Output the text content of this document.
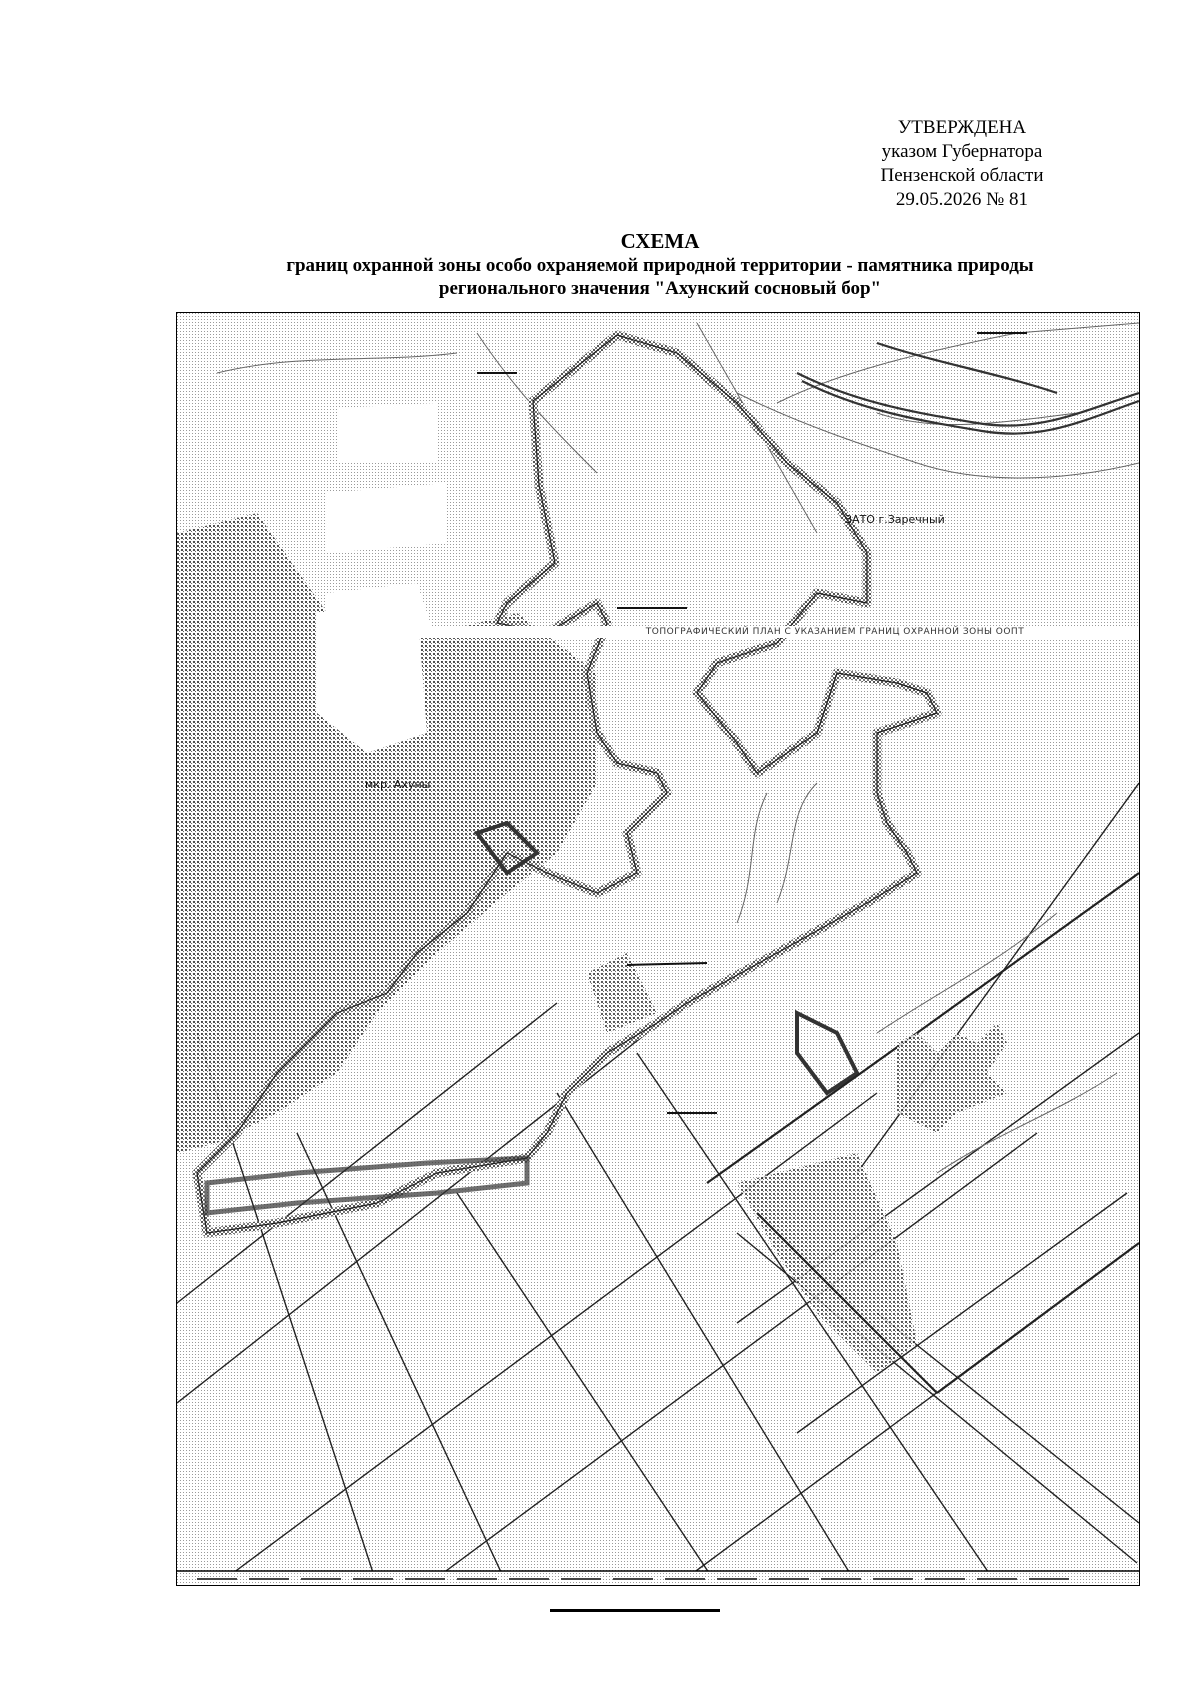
УТВЕРЖДЕНА
указом Губернатора
Пензенской области
29.05.2026 № 81
СХЕМА
границ охранной зоны особо охраняемой природной территории - памятника природы
регионального значения "Ахунский сосновый бор"
ЗАТО г.Заречный
мкр. Ахуны
ТОПОГРАФИЧЕСКИЙ ПЛАН С УКАЗАНИЕМ ГРАНИЦ ОХРАННОЙ ЗОНЫ ООПТ
